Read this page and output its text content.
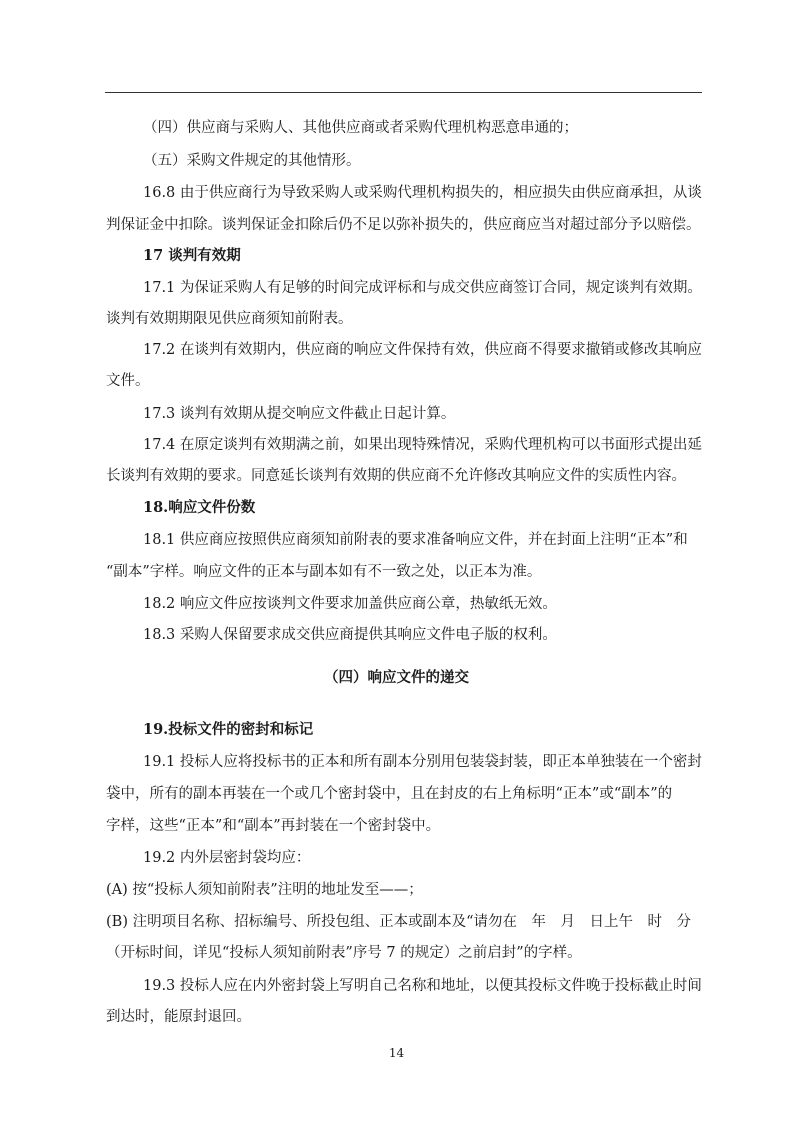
（四）供应商与采购人、其他供应商或者采购代理机构恶意串通的；
（五）采购文件规定的其他情形。
16.8 由于供应商行为导致采购人或采购代理机构损失的，相应损失由供应商承担，从谈
判保证金中扣除。谈判保证金扣除后仍不足以弥补损失的，供应商应当对超过部分予以赔偿。
17 谈判有效期
17.1 为保证采购人有足够的时间完成评标和与成交供应商签订合同，规定谈判有效期。
谈判有效期期限见供应商须知前附表。
17.2 在谈判有效期内，供应商的响应文件保持有效，供应商不得要求撤销或修改其响应
文件。
17.3 谈判有效期从提交响应文件截止日起计算。
17.4 在原定谈判有效期满之前，如果出现特殊情况，采购代理机构可以书面形式提出延
长谈判有效期的要求。同意延长谈判有效期的供应商不允许修改其响应文件的实质性内容。
18.响应文件份数
18.1 供应商应按照供应商须知前附表的要求准备响应文件，并在封面上注明“正本”和
“副本”字样。响应文件的正本与副本如有不一致之处，以正本为准。
18.2 响应文件应按谈判文件要求加盖供应商公章，热敏纸无效。
18.3 采购人保留要求成交供应商提供其响应文件电子版的权利。
（四）响应文件的递交
19.投标文件的密封和标记
19.1 投标人应将投标书的正本和所有副本分别用包装袋封装，即正本单独装在一个密封
袋中，所有的副本再装在一个或几个密封袋中，且在封皮的右上角标明“正本”或“副本”的
字样，这些“正本”和“副本”再封装在一个密封袋中。
19.2 内外层密封袋均应：
(A) 按“投标人须知前附表”注明的地址发至——；
(B) 注明项目名称、招标编号、所投包组、正本或副本及“请勿在　年　月　日上午　时　分
（开标时间，详见“投标人须知前附表”序号 7 的规定）之前启封”的字样。
19.3 投标人应在内外密封袋上写明自己名称和地址，以便其投标文件晚于投标截止时间
到达时，能原封退回。
14
